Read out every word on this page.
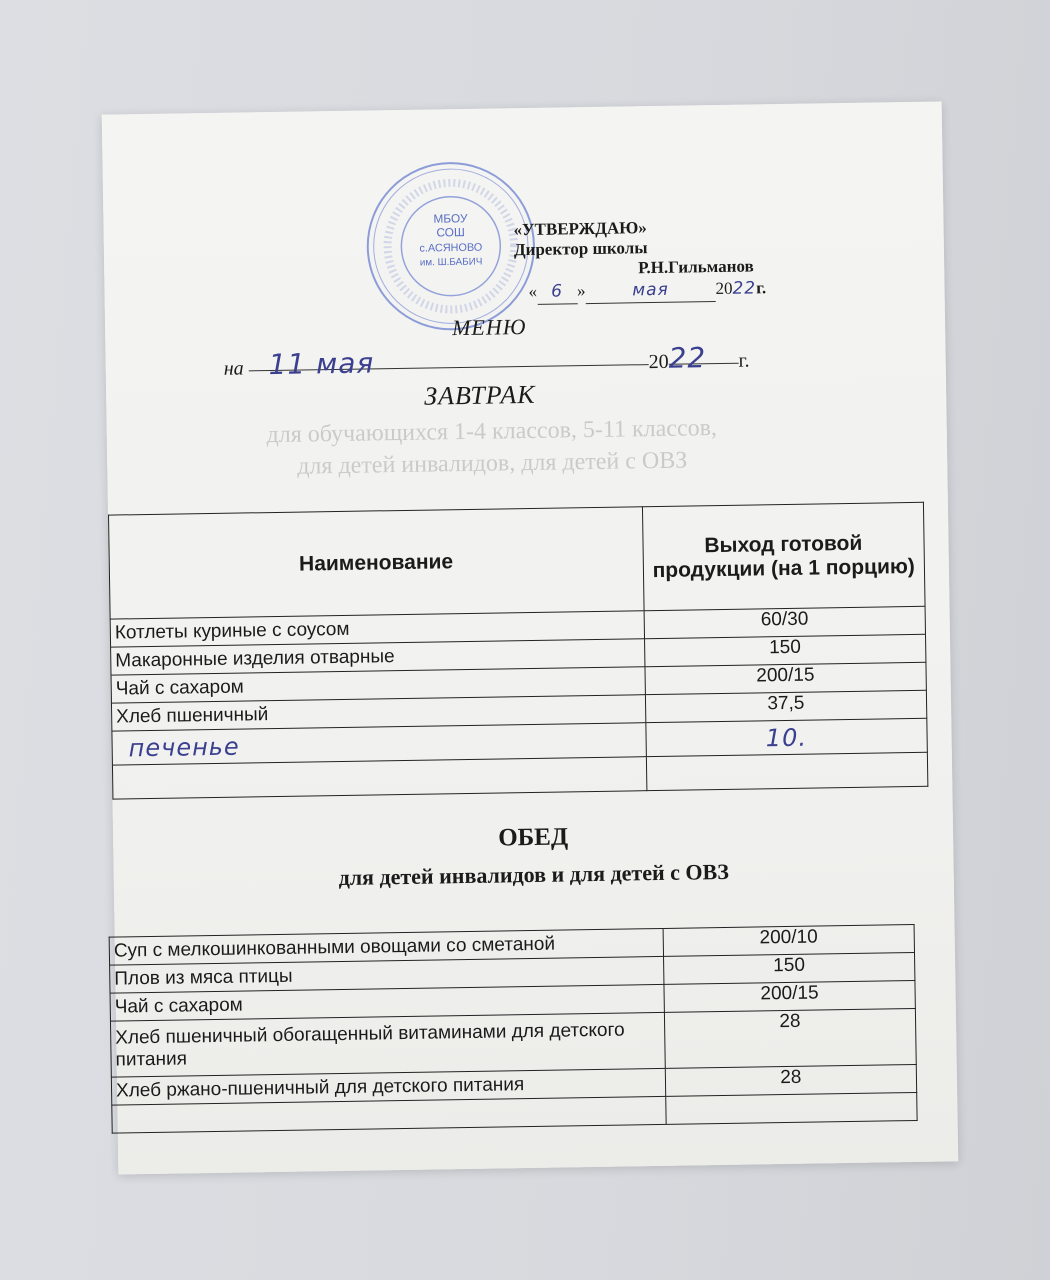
МБОУ
СОШ
с.АСЯНОВО
им. Ш.БАБИЧ
«УТВЕРЖДАЮ»
Директор школы
Р.Н.Гильманов
« 6 »	мая	2022г.
МЕНЮ
на 11 мая	2022 г.
ЗАВТРАК
для обучающихся 1-4 классов, 5-11 классов,
для детей инвалидов, для детей с ОВЗ
Наименование	Выход готовой продукции (на 1 порцию)
Котлеты куриные с соусом	60/30
Макаронные изделия отварные	150
Чай с сахаром	200/15
Хлеб пшеничный	37,5
печенье	10.

ОБЕД
для детей инвалидов и для детей с ОВЗ
Суп с мелкошинкованными овощами со сметаной	200/10
Плов из мяса птицы	150
Чай с сахаром	200/15
Хлеб пшеничный обогащенный витаминами для детского питания	28
Хлеб ржано-пшеничный для детского питания	28
